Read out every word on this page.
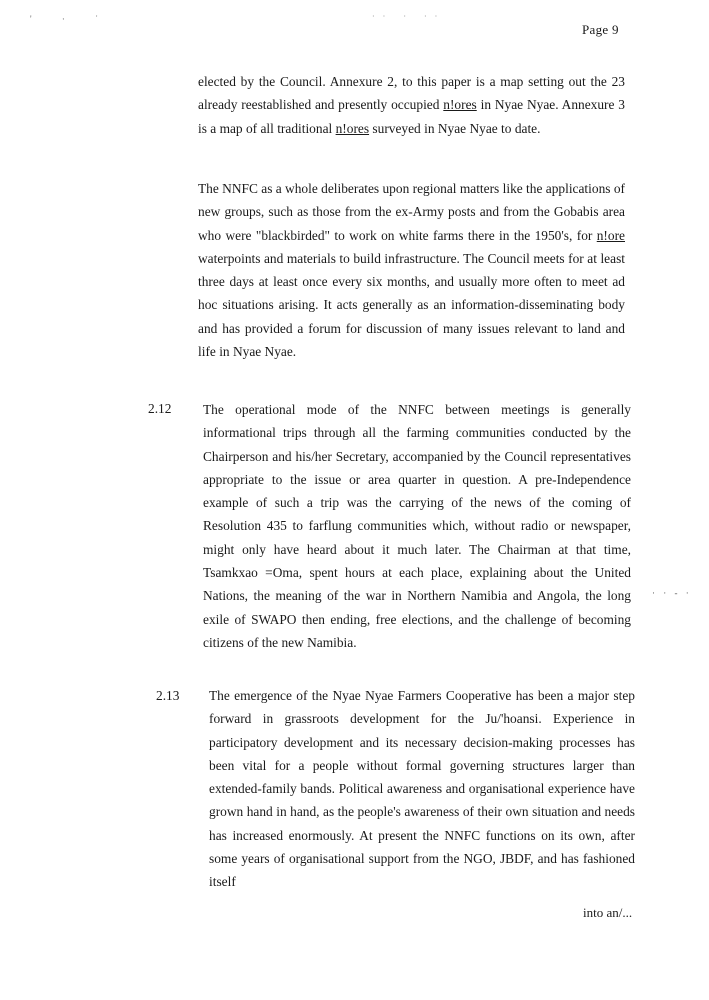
' · ʿ	·· · ··
Page 9
elected by the Council. Annexure 2, to this paper is a map setting out the 23 already reestablished and presently occupied n!ores in Nyae Nyae. Annexure 3 is a map of all traditional n!ores surveyed in Nyae Nyae to date.
The NNFC as a whole deliberates upon regional matters like the applications of new groups, such as those from the ex-Army posts and from the Gobabis area who were "blackbirded" to work on white farms there in the 1950's, for n!ore waterpoints and materials to build infrastructure. The Council meets for at least three days at least once every six months, and usually more often to meet ad hoc situations arising. It acts generally as an information-disseminating body and has provided a forum for discussion of many issues relevant to land and life in Nyae Nyae.
2.12 The operational mode of the NNFC between meetings is generally informational trips through all the farming communities conducted by the Chairperson and his/her Secretary, accompanied by the Council representatives appropriate to the issue or area quarter in question. A pre-Independence example of such a trip was the carrying of the news of the coming of Resolution 435 to farflung communities which, without radio or newspaper, might only have heard about it much later. The Chairman at that time, Tsamkxao =Oma, spent hours at each place, explaining about the United Nations, the meaning of the war in Northern Namibia and Angola, the long exile of SWAPO then ending, free elections, and the challenge of becoming citizens of the new Namibia.
2.13 The emergence of the Nyae Nyae Farmers Cooperative has been a major step forward in grassroots development for the Ju/'hoansi. Experience in participatory development and its necessary decision-making processes has been vital for a people without formal governing structures larger than extended-family bands. Political awareness and organisational experience have grown hand in hand, as the people's awareness of their own situation and needs has increased enormously. At present the NNFC functions on its own, after some years of organisational support from the NGO, JBDF, and has fashioned itself
· · - ·
into an/...
